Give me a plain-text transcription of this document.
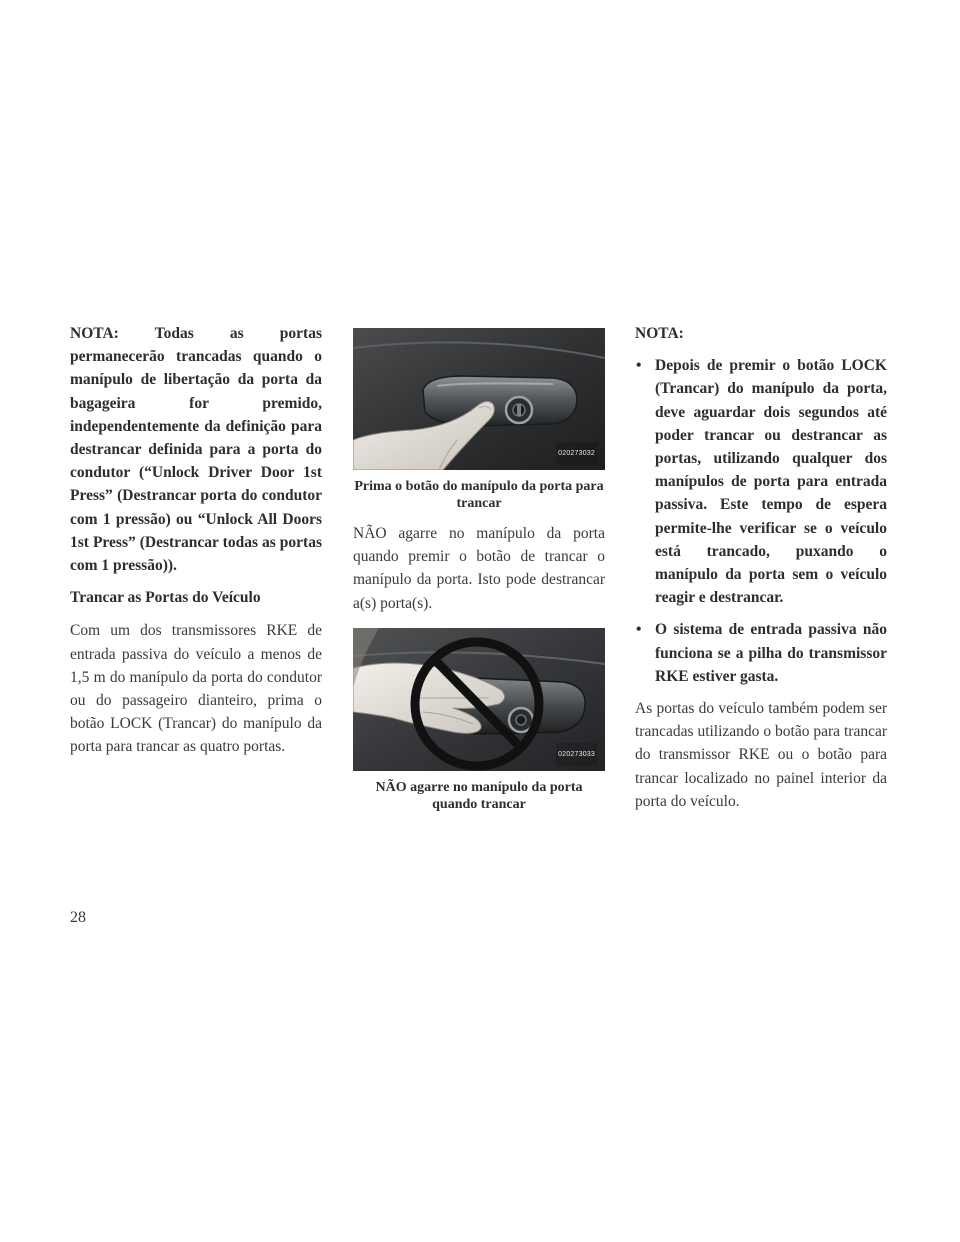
NOTA: Todas as portas permanecerão trancadas quando o manípulo de libertação da porta da bagageira for premido, independentemente da definição para destrancar definida para a porta do condutor (“Unlock Driver Door 1st Press” (Destrancar porta do condutor com 1 pressão) ou “Unlock All Doors 1st Press” (Destrancar todas as portas com 1 pressão)).

Trancar as Portas do Veículo

Com um dos transmissores RKE de entrada passiva do veículo a menos de 1,5 m do manípulo da porta do condutor ou do passageiro dianteiro, prima o botão LOCK (Trancar) do manípulo da porta para trancar as quatro portas.

020273032

Prima o botão do manípulo da porta para trancar

NÃO agarre no manípulo da porta quando premir o botão de trancar o manípulo da porta. Isto pode destrancar a(s) porta(s).

020273033

NÃO agarre no manípulo da porta quando trancar

NOTA:

• Depois de premir o botão LOCK (Trancar) do manípulo da porta, deve aguardar dois segundos até poder trancar ou destrancar as portas, utilizando qualquer dos manípulos de porta para entrada passiva. Este tempo de espera permite-lhe verificar se o veículo está trancado, puxando o manípulo da porta sem o veículo reagir e destrancar.
• O sistema de entrada passiva não funciona se a pilha do transmissor RKE estiver gasta.

As portas do veículo também podem ser trancadas utilizando o botão para trancar do transmissor RKE ou o botão para trancar localizado no painel interior da porta do veículo.

28
